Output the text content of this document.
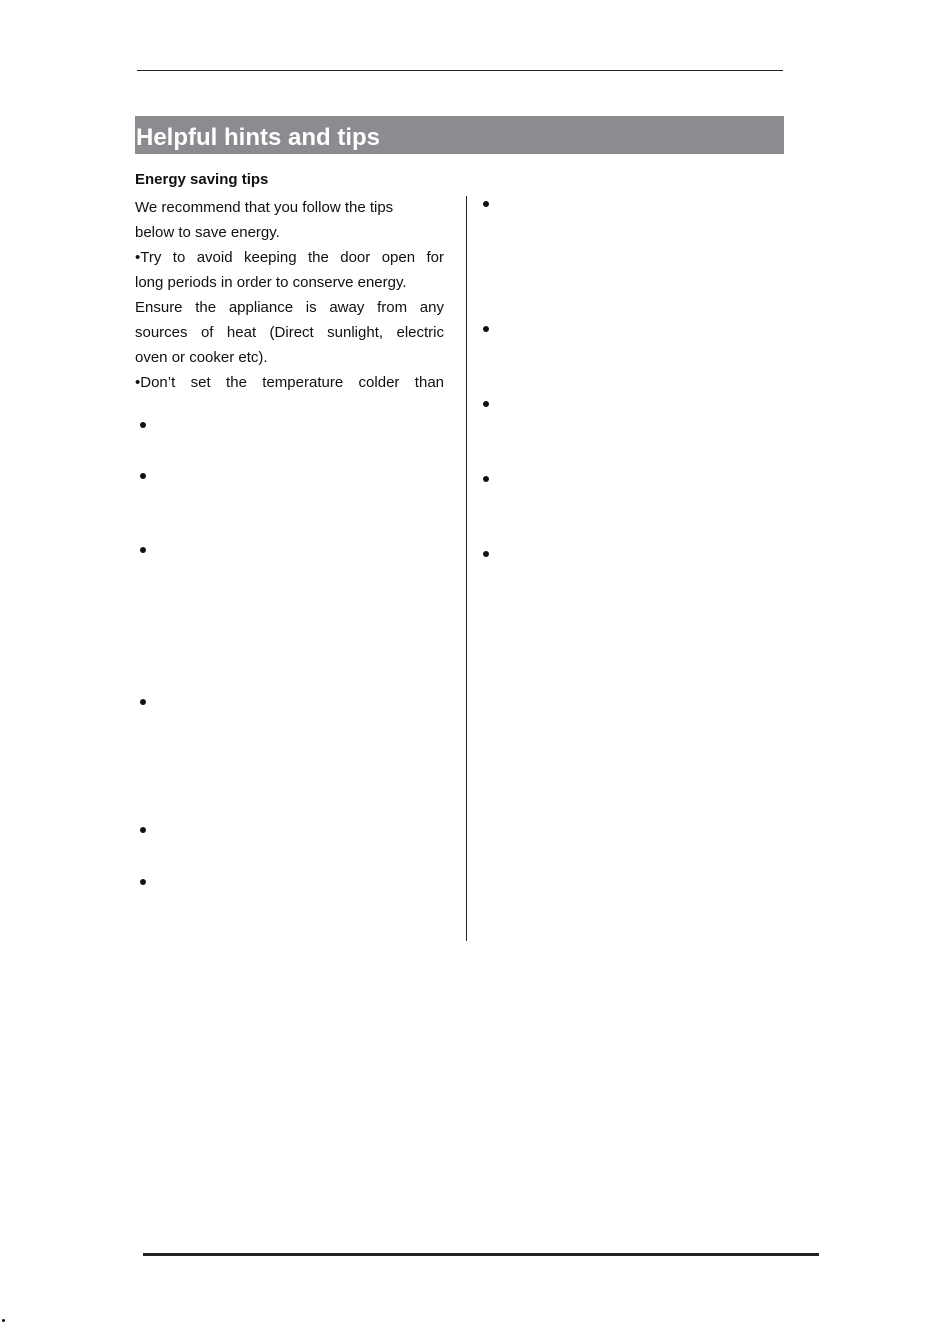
Helpful hints and tips
Energy saving tips
We recommend that you follow the tips
below to save energy.
•Try to avoid keeping the door open for
long periods in order to conserve energy.
Ensure the appliance is away from any
sources of heat (Direct sunlight, electric
oven or cooker etc).
•Don’t set the temperature colder than
